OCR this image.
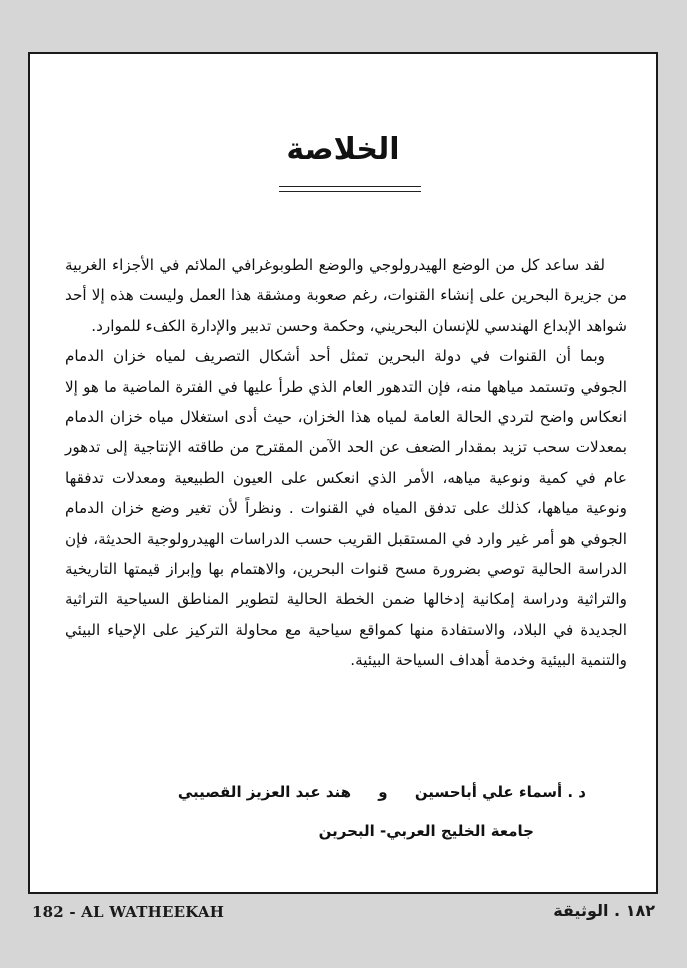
الخلاصة

لقد ساعد كل من الوضع الهيدرولوجي والوضع الطوبوغرافي الملائم في الأجزاء الغربية من جزيرة البحرين على إنشاء القنوات، رغم صعوبة ومشقة هذا العمل وليست هذه إلا أحد شواهد الإبداع الهندسي للإنسان البحريني، وحكمة وحسن تدبير والإدارة الكفء للموارد.

وبما أن القنوات في دولة البحرين تمثل أحد أشكال التصريف لمياه خزان الدمام الجوفي وتستمد مياهها منه، فإن التدهور العام الذي طرأ عليها في الفترة الماضية ما هو إلا انعكاس واضح لتردي الحالة العامة لمياه هذا الخزان، حيث أدى استغلال مياه خزان الدمام بمعدلات سحب تزيد بمقدار الضعف عن الحد الآمن المقترح من طاقته الإنتاجية إلى تدهور عام في كمية ونوعية مياهه، الأمر الذي انعكس على العيون الطبيعية ومعدلات تدفقها ونوعية مياهها، كذلك على تدفق المياه في القنوات . ونظراً لأن تغير وضع خزان الدمام الجوفي هو أمر غير وارد في المستقبل القريب حسب الدراسات الهيدرولوجية الحديثة، فإن الدراسة الحالية توصي بضرورة مسح قنوات البحرين، والاهتمام بها وإبراز قيمتها التاريخية والتراثية ودراسة إمكانية إدخالها ضمن الخطة الحالية لتطوير المناطق السياحية التراثية الجديدة في البلاد، والاستفادة منها كمواقع سياحية مع محاولة التركيز على الإحياء البيئي والتنمية البيئية وخدمة أهداف السياحة البيئية.

د . أسماء علي أباحسين و هند عبد العزيز القصيبي
جامعة الخليج العربي- البحرين
182 - AL WATHEEKAH	١٨٢ . الوثيقة
